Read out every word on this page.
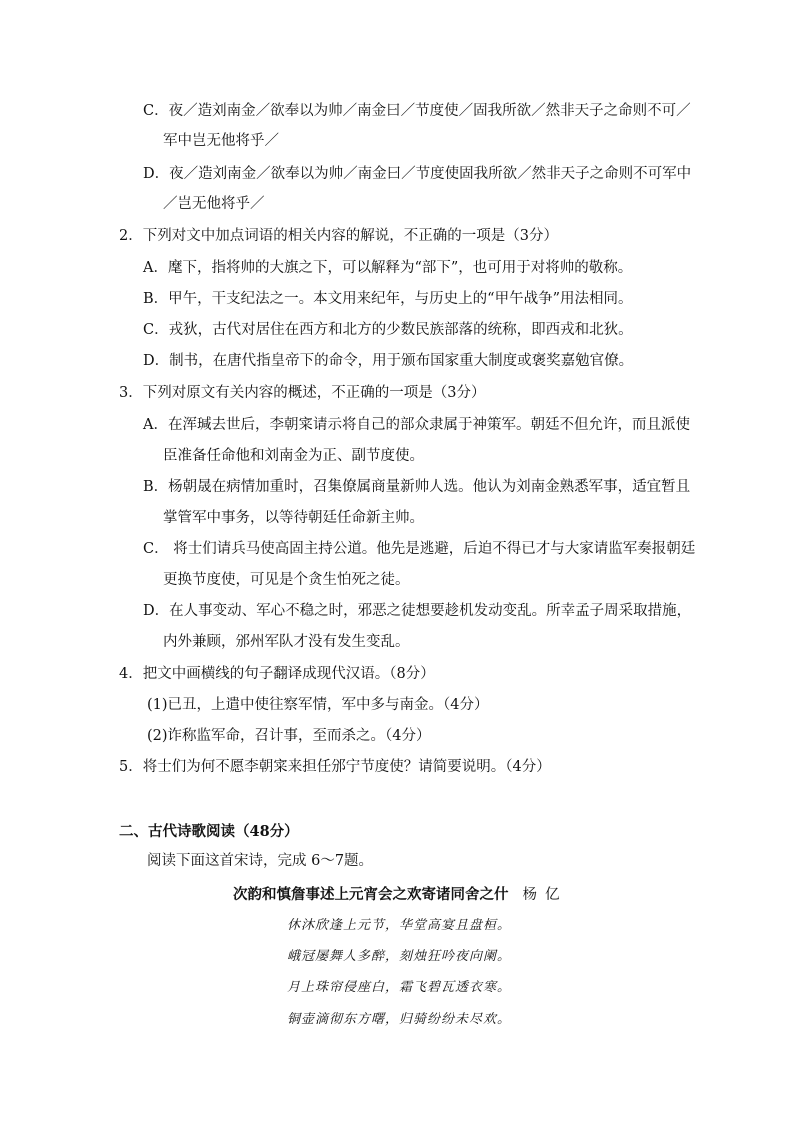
C．夜／造刘南金／欲奉以为帅／南金曰／节度使／固我所欲／然非天子之命则不可／
军中岂无他将乎／
D．夜／造刘南金／欲奉以为帅／南金曰／节度使固我所欲／然非天子之命则不可军中
／岂无他将乎／
2．下列对文中加点词语的相关内容的解说，不正确的一项是（3分）
A．麾下，指将帅的大旗之下，可以解释为“部下”，也可用于对将帅的敬称。
B．甲午，干支纪法之一。本文用来纪年，与历史上的“甲午战争”用法相同。
C．戎狄，古代对居住在西方和北方的少数民族部落的统称，即西戎和北狄。
D．制书，在唐代指皇帝下的命令，用于颁布国家重大制度或褒奖嘉勉官僚。
3．下列对原文有关内容的概述，不正确的一项是（3分）
A．在浑瑊去世后，李朝寀请示将自己的部众隶属于神策军。朝廷不但允许，而且派使
臣准备任命他和刘南金为正、副节度使。
B．杨朝晟在病情加重时，召集僚属商量新帅人选。他认为刘南金熟悉军事，适宜暂且
掌管军中事务，以等待朝廷任命新主帅。
C． 将士们请兵马使高固主持公道。他先是逃避，后迫不得已才与大家请监军奏报朝廷
更换节度使，可见是个贪生怕死之徒。
D．在人事变动、军心不稳之时，邪恶之徒想要趁机发动变乱。所幸孟子周采取措施，
内外兼顾，邠州军队才没有发生变乱。
4．把文中画横线的句子翻译成现代汉语。（8分）
(1)已丑，上遣中使往察军情，军中多与南金。（4分）
(2)诈称监军命，召计事，至而杀之。（4分）
5．将士们为何不愿李朝寀来担任邠宁节度使？请简要说明。（4分）
二、古代诗歌阅读（48分）
阅读下面这首宋诗，完成 6～7题。
次韵和慎詹事述上元宵会之欢寄诸同舍之什 杨亿
休沐欣逢上元节，华堂高宴且盘桓。
峨冠屡舞人多醉，刻烛狂吟夜向阑。
月上珠帘侵座白，霜飞碧瓦透衣寒。
铜壶滴彻东方曙，归骑纷纷未尽欢。
